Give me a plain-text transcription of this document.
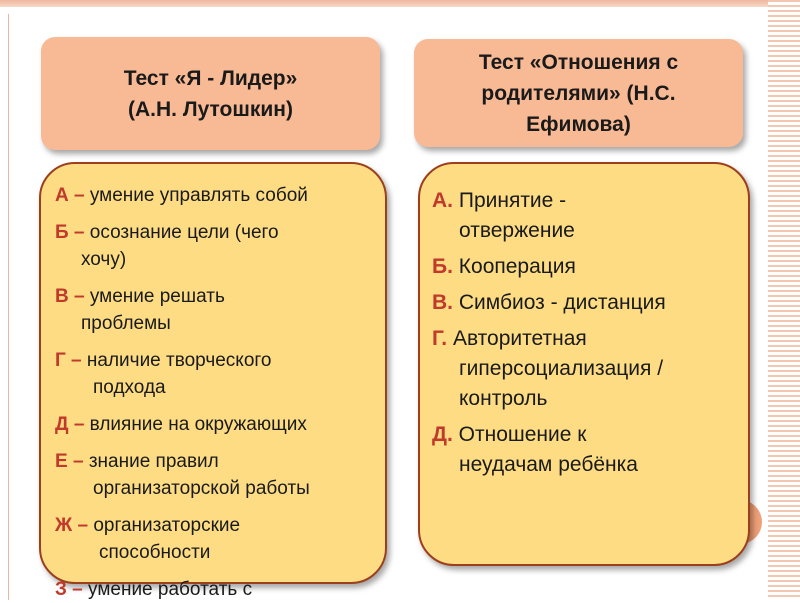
Тест «Я - Лидер»
(А.Н. Лутошкин)
Тест «Отношения с
родителями» (Н.С.
Ефимова)
А – умение управлять собой
Б – осознание цели (чего
хочу)
В – умение решать
проблемы
Г – наличие творческого
подхода
Д – влияние на окружающих
Е – знание правил
организаторской работы
Ж – организаторские
способности
З – умение работать с
А. Принятие -
отвержение
Б. Кооперация
В. Симбиоз - дистанция
Г. Авторитетная
гиперсоциализация /
контроль
Д. Отношение к
неудачам ребёнка
